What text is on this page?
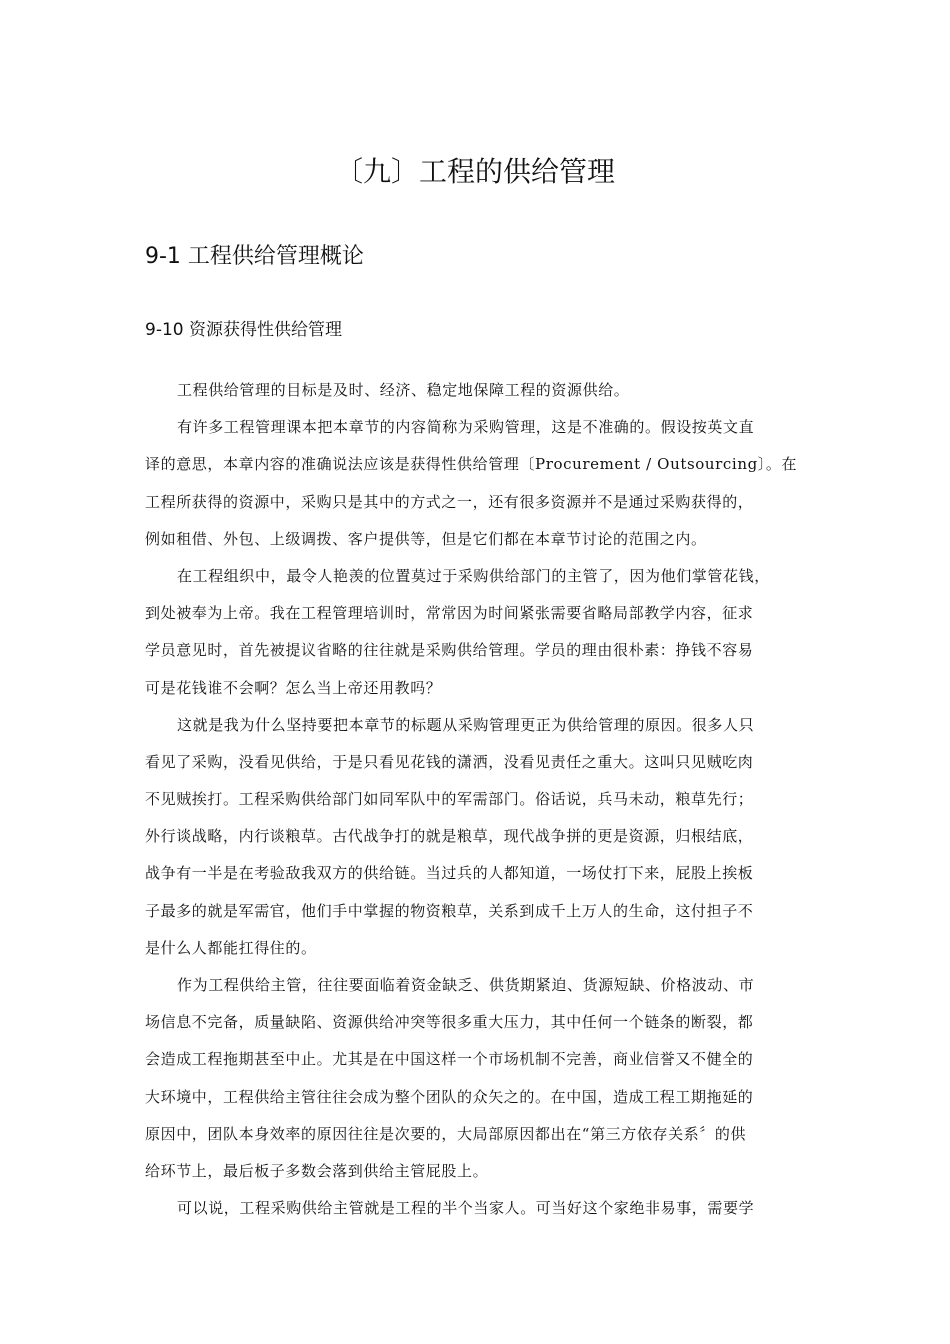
〔九〕工程的供给管理
9-1 工程供给管理概论
9-10 资源获得性供给管理
工程供给管理的目标是及时、经济、稳定地保障工程的资源供给。
有许多工程管理课本把本章节的内容简称为采购管理，这是不准确的。假设按英文直
译的意思，本章内容的准确说法应该是获得性供给管理〔Procurement / Outsourcing〕。在
工程所获得的资源中，采购只是其中的方式之一，还有很多资源并不是通过采购获得的，
例如租借、外包、上级调拨、客户提供等，但是它们都在本章节讨论的范围之内。
在工程组织中，最令人艳羡的位置莫过于采购供给部门的主管了，因为他们掌管花钱，
到处被奉为上帝。我在工程管理培训时，常常因为时间紧张需要省略局部教学内容，征求
学员意见时，首先被提议省略的往往就是采购供给管理。学员的理由很朴素：挣钱不容易
可是花钱谁不会啊？怎么当上帝还用教吗？
这就是我为什么坚持要把本章节的标题从采购管理更正为供给管理的原因。很多人只
看见了采购，没看见供给，于是只看见花钱的潇洒，没看见责任之重大。这叫只见贼吃肉
不见贼挨打。工程采购供给部门如同军队中的军需部门。俗话说，兵马未动，粮草先行；
外行谈战略，内行谈粮草。古代战争打的就是粮草，现代战争拼的更是资源，归根结底，
战争有一半是在考验敌我双方的供给链。当过兵的人都知道，一场仗打下来，屁股上挨板
子最多的就是军需官，他们手中掌握的物资粮草，关系到成千上万人的生命，这付担子不
是什么人都能扛得住的。
作为工程供给主管，往往要面临着资金缺乏、供货期紧迫、货源短缺、价格波动、市
场信息不完备，质量缺陷、资源供给冲突等很多重大压力，其中任何一个链条的断裂，都
会造成工程拖期甚至中止。尤其是在中国这样一个市场机制不完善，商业信誉又不健全的
大环境中，工程供给主管往往会成为整个团队的众矢之的。在中国，造成工程工期拖延的
原因中，团队本身效率的原因往往是次要的，大局部原因都出在“第三方依存关系〞的供
给环节上，最后板子多数会落到供给主管屁股上。
可以说，工程采购供给主管就是工程的半个当家人。可当好这个家绝非易事，需要学
